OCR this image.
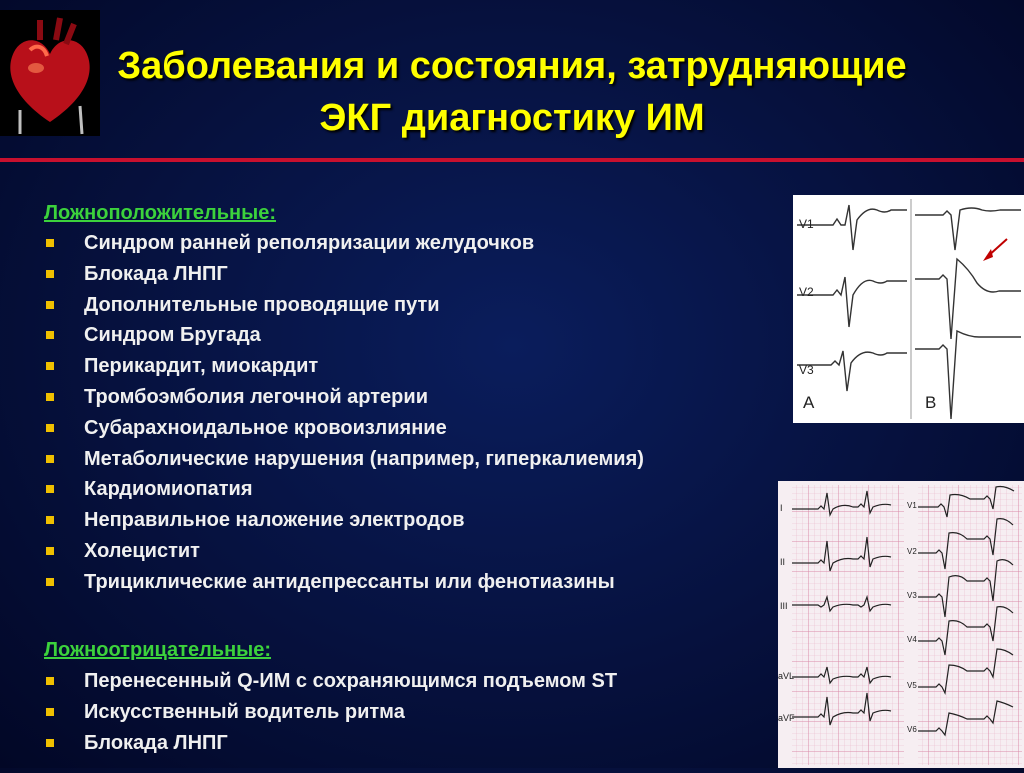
Заболевания и состояния, затрудняющие
ЭКГ диагностику ИМ
Ложноположительные:
Синдром ранней реполяризации желудочков
Блокада ЛНПГ
Дополнительные проводящие пути
Синдром Бругада
Перикардит, миокардит
Тромбоэмболия легочной артерии
Субарахноидальное кровоизлияние
Метаболические нарушения (например, гиперкалиемия)
Кардиомиопатия
Неправильное наложение электродов
Холецистит
Трициклические антидепрессанты или фенотиазины
Ложноотрицательные:
Перенесенный Q-ИМ с сохраняющимся подъемом ST
Искусственный водитель ритма
Блокада ЛНПГ
V1
V2
V3
A	B
I
II
III
aVL
aVF
V1
V2
V3
V4
V5
V6
